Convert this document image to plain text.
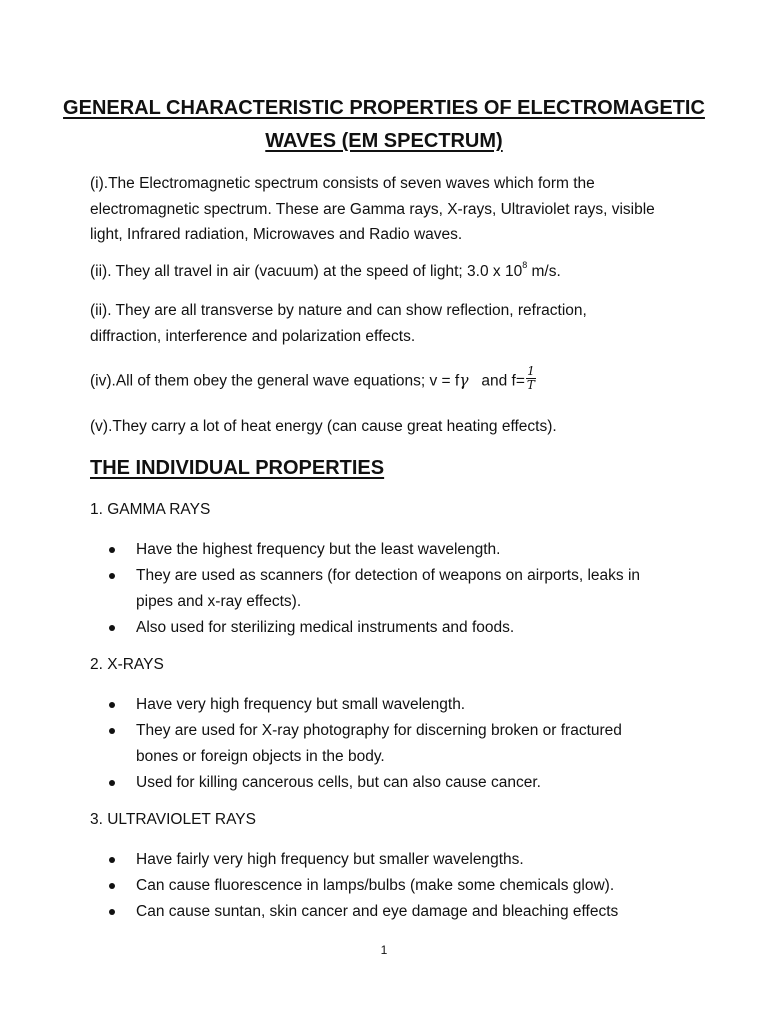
GENERAL CHARACTERISTIC PROPERTIES OF ELECTROMAGETIC
WAVES (EM SPECTRUM)
(i).The Electromagnetic spectrum consists of seven waves which form the
electromagnetic spectrum. These are Gamma rays, X-rays, Ultraviolet rays, visible
light, Infrared radiation, Microwaves and Radio waves.
(ii). They all travel in air (vacuum) at the speed of light; 3.0 x $10^8$ m/s.
(ii). They are all transverse by nature and can show reflection, refraction,
diffraction, interference and polarization effects.
(iv).All of them obey the general wave equations; v = fγ   and $f= \frac{1}{T}$
(v).They carry a lot of heat energy (can cause great heating effects).
THE INDIVIDUAL PROPERTIES
1. GAMMA RAYS
Have the highest frequency but the least wavelength.
They are used as scanners (for detection of weapons on airports, leaks in
pipes and x-ray effects).
Also used for sterilizing medical instruments and foods.
2. X-RAYS
Have very high frequency but small wavelength.
They are used for X-ray photography for discerning broken or fractured
bones or foreign objects in the body.
Used for killing cancerous cells, but can also cause cancer.
3. ULTRAVIOLET RAYS
Have fairly very high frequency but smaller wavelengths.
Can cause fluorescence in lamps/bulbs (make some chemicals glow).
Can cause suntan, skin cancer and eye damage and bleaching effects
1
